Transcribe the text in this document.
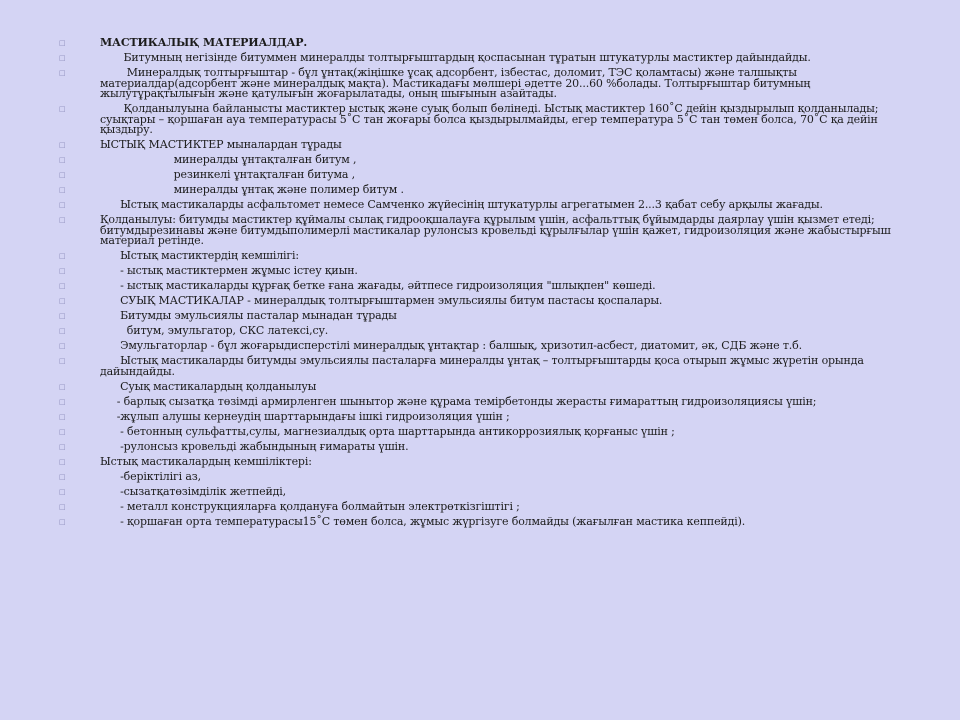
□	МАСТИКАЛЫҚ МАТЕРИАЛДАР.
□	Битумның негізінде битуммен минералды толтырғыштардың қоспасынан тұратын штукатурлы мастиктер дайындайды.
□	Минералдық толтырғыштар - бұл ұнтақ(жіңішке ұсақ адсорбент, ізбестас, доломит, ТЭС қоламтасы) және талшықты материалдар(адсорбент және минералдық мақта). Мастикадағы мөлшері әдетте 20...60 %болады. Толтырғыштар битумның жылутұрақтылығын және қатулығын жоғарылатады, оның шығынын азайтады.
□	Қолданылуына байланысты мастиктер ыстық және суық болып бөлінеді. Ыстық мастиктер 160˚С дейін қыздырылып қолданылады; суықтары – қоршаған ауа температурасы 5˚С тан жоғары болса қыздырылмайды, егер температура 5˚С тан төмен болса, 70˚С қа дейін қыздыру.
□	ЫСТЫҚ МАСТИКТЕР мыналардан тұрады
□	минералды ұнтақталған битум ,
□	резинкелі ұнтақталған битума ,
□	минералды ұнтақ және полимер битум .
□	Ыстық мастикаларды асфальтомет немесе Самченко жүйесінің штукатурлы агрегатымен 2...3 қабат себу арқылы жағады.
□	Қолданылуы: битумды мастиктер құймалы сылақ гидрооқшалауға құрылым үшін, асфальттық бұйымдарды даярлау үшін қызмет етеді; битумдырезинавы және битумдыполимерлі мастикалар рулонсыз кровельді құрылғылар үшін қажет, гидроизоляция және жабыстырғыш материал ретінде.
□	Ыстық мастиктердің кемшілігі:
□	- ыстық мастиктермен жұмыс істеу қиын.
□	- ыстық мастикаларды құрғақ бетке ғана жағады, әйтпесе гидроизоляция "шлықпен" көшеді.
□	СУЫҚ МАСТИКАЛАР - минералдық толтырғыштармен эмульсиялы битум пастасы қоспалары.
□	Битумды эмульсиялы пасталар мынадан тұрады
□	битум, эмульгатор, СКС латексі,су.
□	Эмульгаторлар - бұл жоғарыдисперстілі минералдық ұнтақтар : балшық, хризотил-асбест, диатомит, әк, СДБ және т.б.
□	Ыстық мастикаларды битумды эмульсиялы пасталарға минералды ұнтақ – толтырғыштарды қоса отырып жұмыс жүретін орында дайындайды.
□	Суық мастикалардың қолданылуы
□	- барлық сызатқа төзімді армирленген шынытор және құрама темірбетонды жерасты ғимараттың гидроизоляциясы үшін;
□	-жұлып алушы кернеудің шарттарындағы ішкі гидроизоляция үшін ;
□	- бетонның сульфатты,сулы, магнезиалдық орта шарттарында антикоррозиялық қорғаныс үшін ;
□	-рулонсыз кровельді жабындының ғимараты үшін.
□	Ыстық мастикалардың кемшіліктері:
□	-беріктілігі аз,
□	-сызатқатөзімділік жетпейді,
□	- металл конструкцияларға қолдануға болмайтын электрөткізгіштігі ;
□	- қоршаған орта температурасы15˚С төмен болса, жұмыс жүргізуге болмайды (жағылған мастика кеппейді).
